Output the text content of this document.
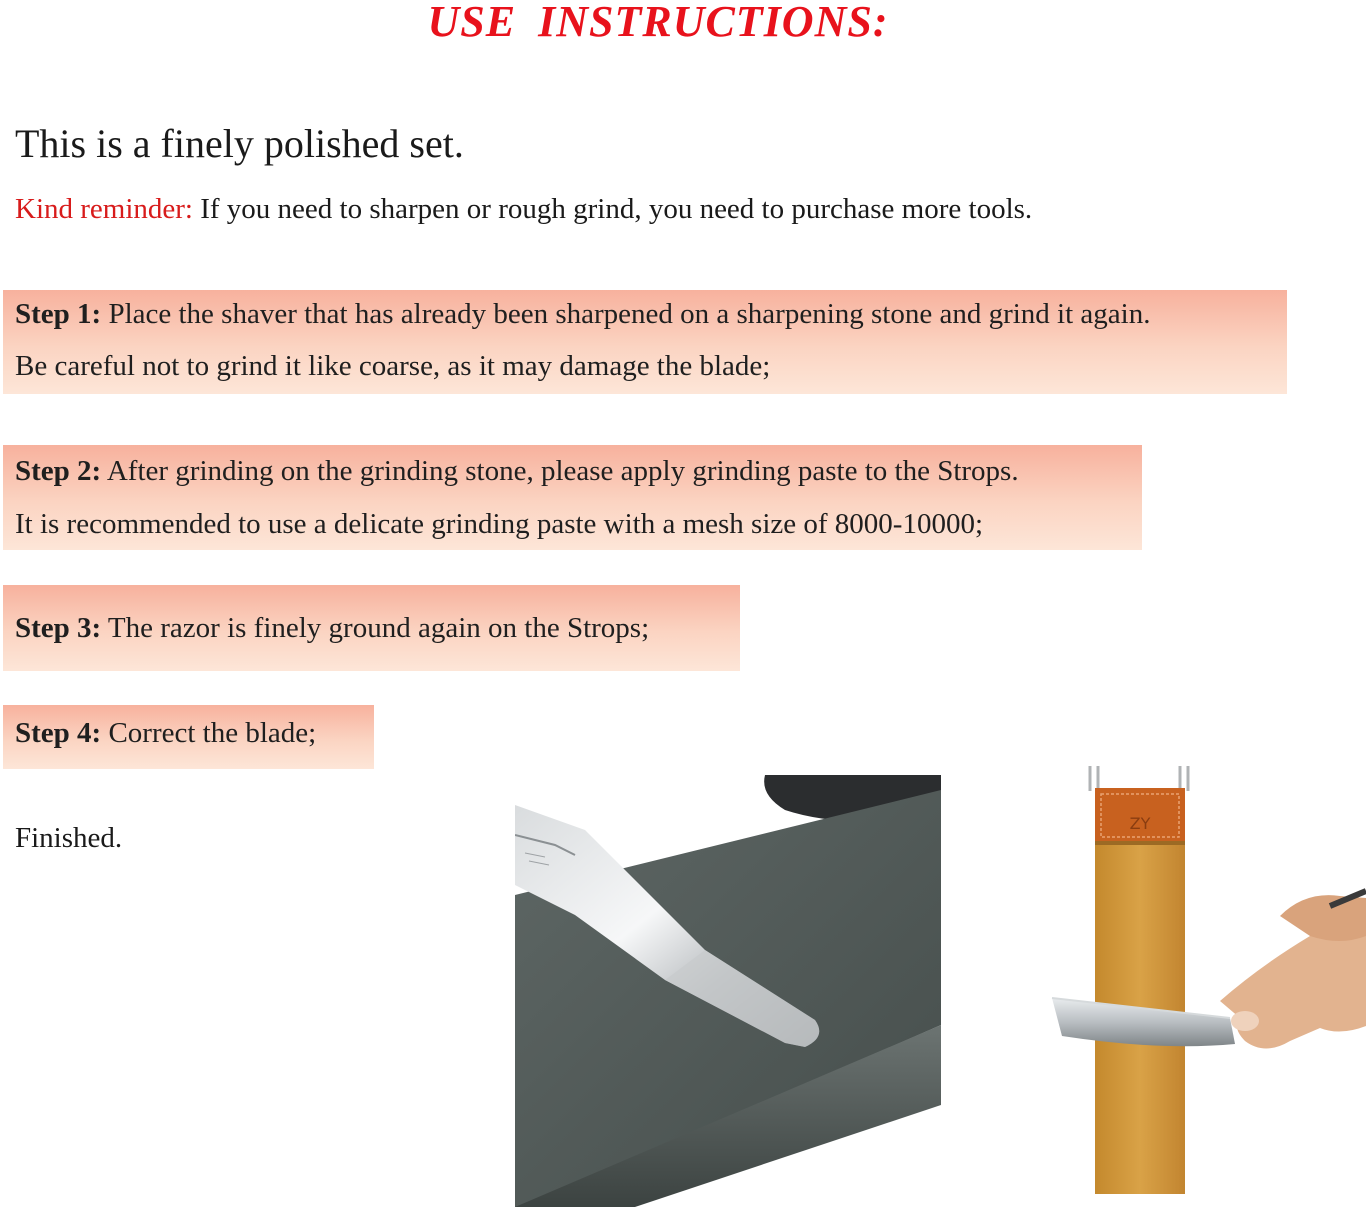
USE INSTRUCTIONS:

This is a finely polished set.

Kind reminder: If you need to sharpen or rough grind, you need to purchase more tools.

Step 1: Place the shaver that has already been sharpened on a sharpening stone and grind it again.
Be careful not to grind it like coarse, as it may damage the blade;
Step 2: After grinding on the grinding stone, please apply grinding paste to the Strops.
It is recommended to use a delicate grinding paste with a mesh size of 8000-10000;
Step 3: The razor is finely ground again on the Strops;
Step 4: Correct the blade;

Finished.	ZY
